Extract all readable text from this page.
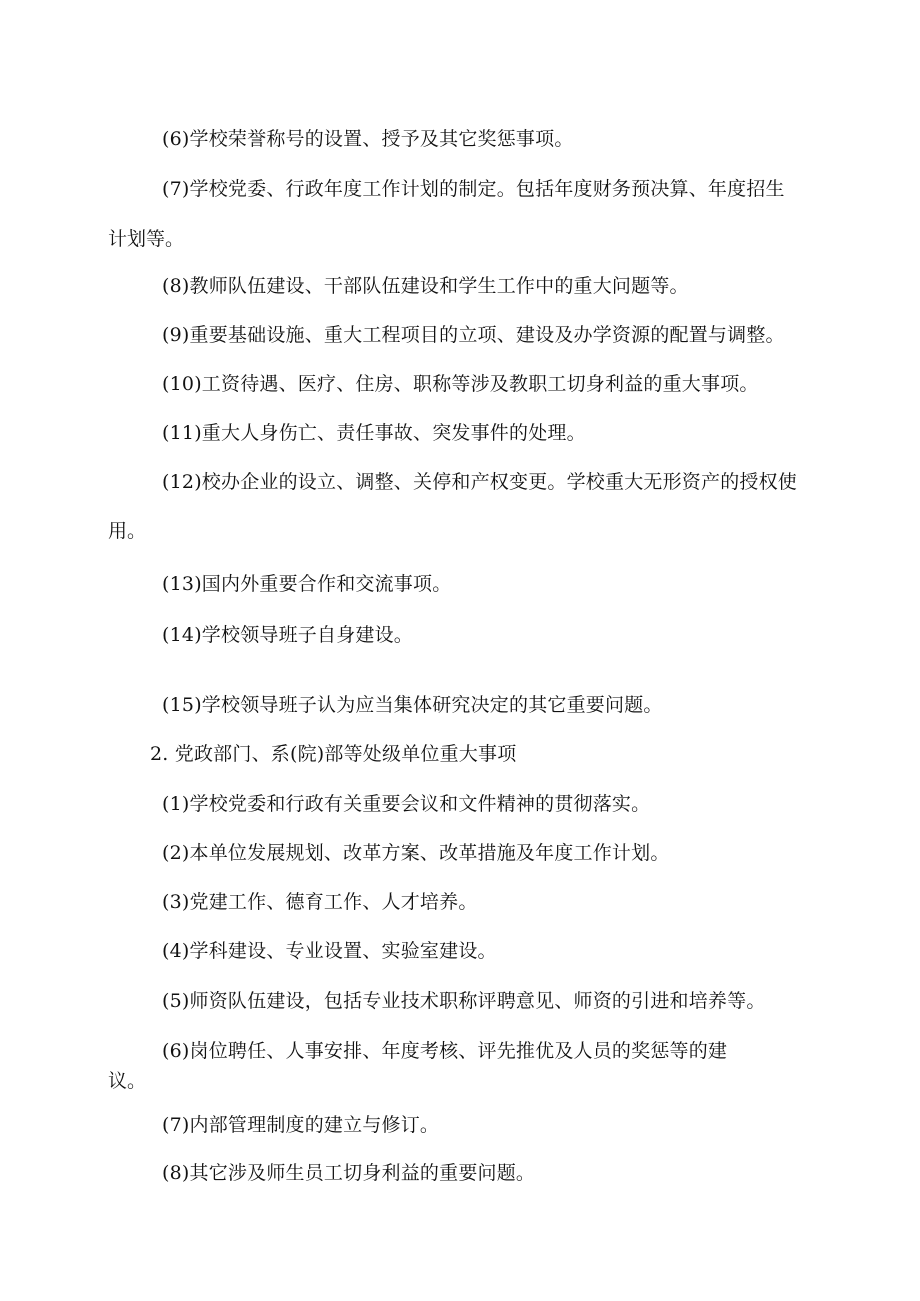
(6)学校荣誉称号的设置、授予及其它奖惩事项。
(7)学校党委、行政年度工作计划的制定。包括年度财务预决算、年度招生
计划等。
(8)教师队伍建设、干部队伍建设和学生工作中的重大问题等。
(9)重要基础设施、重大工程项目的立项、建设及办学资源的配置与调整。
(10)工资待遇、医疗、住房、职称等涉及教职工切身利益的重大事项。
(11)重大人身伤亡、责任事故、突发事件的处理。
(12)校办企业的设立、调整、关停和产权变更。学校重大无形资产的授权使
用。
(13)国内外重要合作和交流事项。
(14)学校领导班子自身建设。
(15)学校领导班子认为应当集体研究决定的其它重要问题。
2. 党政部门、系(院)部等处级单位重大事项
(1)学校党委和行政有关重要会议和文件精神的贯彻落实。
(2)本单位发展规划、改革方案、改革措施及年度工作计划。
(3)党建工作、德育工作、人才培养。
(4)学科建设、专业设置、实验室建设。
(5)师资队伍建设，包括专业技术职称评聘意见、师资的引进和培养等。
(6)岗位聘任、人事安排、年度考核、评先推优及人员的奖惩等的建
议。
(7)内部管理制度的建立与修订。
(8)其它涉及师生员工切身利益的重要问题。
